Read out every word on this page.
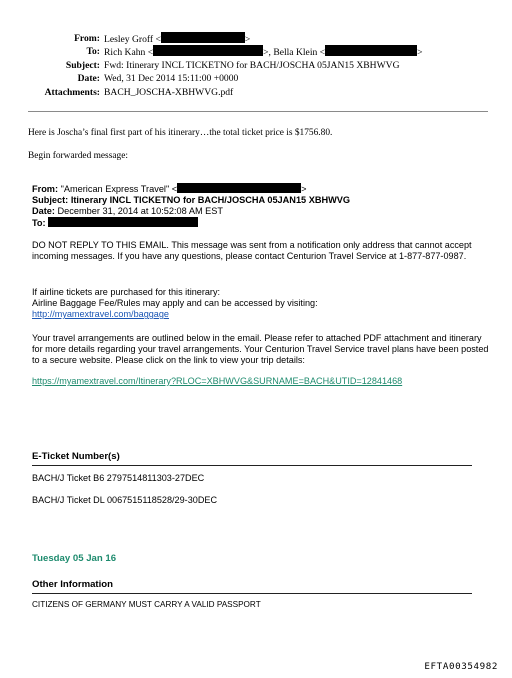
From: Lesley Groff <	>
To: Rich Kahn <	>, Bella Klein <	>
Subject: Fwd: Itinerary INCL TICKETNO for BACH/JOSCHA 05JAN15 XBHWVG
Date: Wed, 31 Dec 2014 15:11:00 +0000
Attachments: BACH_JOSCHA-XBHWVG.pdf
Here is Joscha’s final first part of his itinerary…the total ticket price is $1756.80.
Begin forwarded message:
From: "American Express Travel" <	>
Subject: Itinerary INCL TICKETNO for BACH/JOSCHA 05JAN15 XBHWVG
Date: December 31, 2014 at 10:52:08 AM EST
To:
DO NOT REPLY TO THIS EMAIL. This message was sent from a notification only address that cannot accept incoming messages. If you have any questions, please contact Centurion Travel Service at 1-877-877-0987.
If airline tickets are purchased for this itinerary:
Airline Baggage Fee/Rules may apply and can be accessed by visiting:
http://myamextravel.com/baggage
Your travel arrangements are outlined below in the email. Please refer to attached PDF attachment and itinerary for more details regarding your travel arrangements. Your Centurion Travel Service travel plans have been posted to a secure website. Please click on the link to view your trip details:
https://myamextravel.com/Itinerary?RLOC=XBHWVG&SURNAME=BACH&UTID=12841468
E-Ticket Number(s)
BACH/J Ticket B6 2797514811303-27DEC
BACH/J Ticket DL 0067515118528/29-30DEC
Tuesday 05 Jan 16
Other Information
CITIZENS OF GERMANY MUST CARRY A VALID PASSPORT
EFTA00354982
